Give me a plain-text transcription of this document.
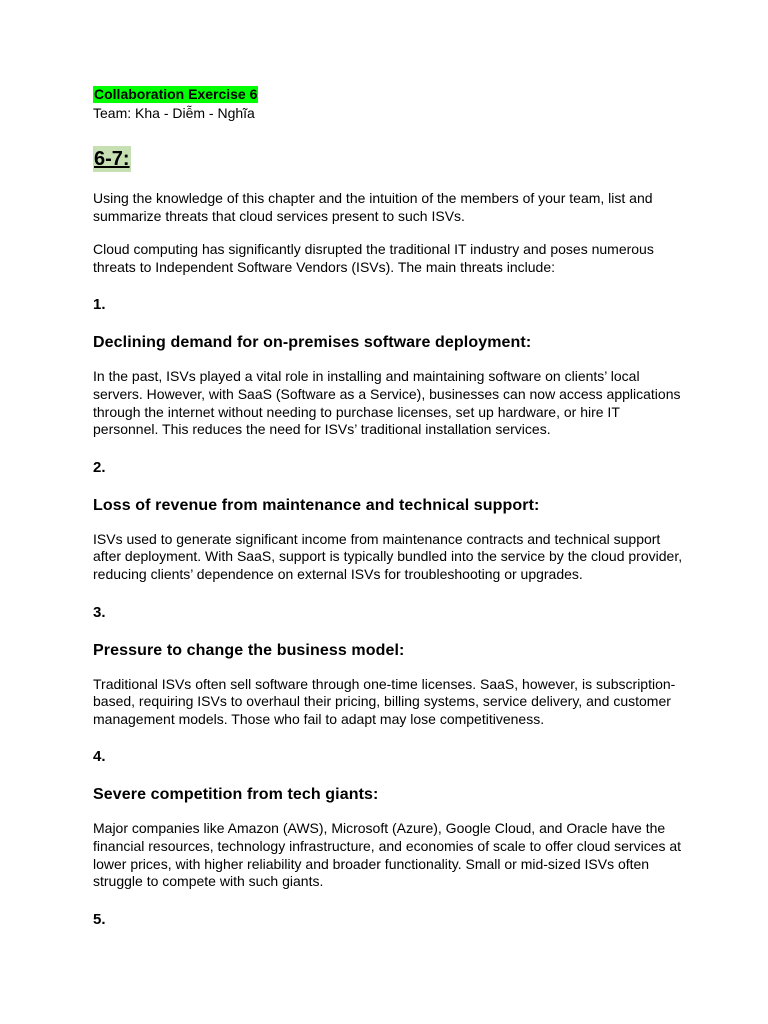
Collaboration Exercise 6

Team: Kha - Diễm - Nghĩa

6-7:

Using the knowledge of this chapter and the intuition of the members of your team, list and summarize threats that cloud services present to such ISVs.

Cloud computing has significantly disrupted the traditional IT industry and poses numerous threats to Independent Software Vendors (ISVs). The main threats include:

1.

Declining demand for on-premises software deployment:

In the past, ISVs played a vital role in installing and maintaining software on clients’ local servers. However, with SaaS (Software as a Service), businesses can now access applications through the internet without needing to purchase licenses, set up hardware, or hire IT personnel. This reduces the need for ISVs’ traditional installation services.

2.

Loss of revenue from maintenance and technical support:

ISVs used to generate significant income from maintenance contracts and technical support after deployment. With SaaS, support is typically bundled into the service by the cloud provider, reducing clients’ dependence on external ISVs for troubleshooting or upgrades.

3.

Pressure to change the business model:

Traditional ISVs often sell software through one-time licenses. SaaS, however, is subscription-based, requiring ISVs to overhaul their pricing, billing systems, service delivery, and customer management models. Those who fail to adapt may lose competitiveness.

4.

Severe competition from tech giants:

Major companies like Amazon (AWS), Microsoft (Azure), Google Cloud, and Oracle have the financial resources, technology infrastructure, and economies of scale to offer cloud services at lower prices, with higher reliability and broader functionality. Small or mid-sized ISVs often struggle to compete with such giants.

5.
